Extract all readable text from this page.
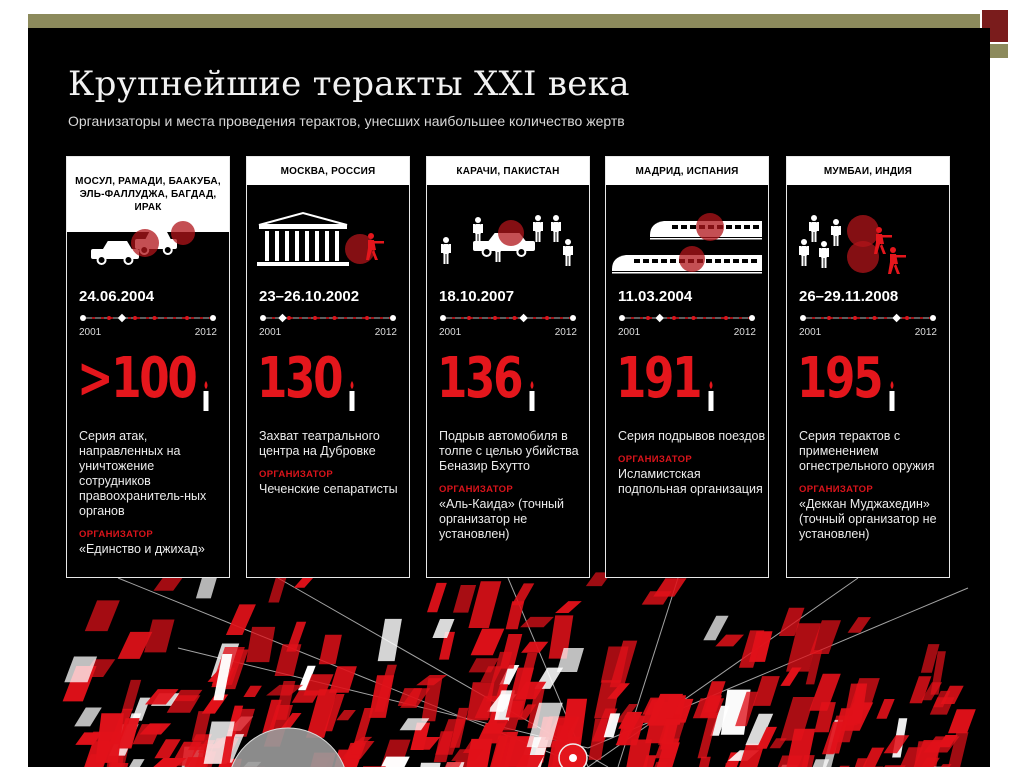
Крупнейшие теракты XXI века
Организаторы и места проведения терактов, унесших наибольшее количество жертв
МОСУЛ, РАМАДИ, БААКУБА, ЭЛЬ-ФАЛЛУДЖА, БАГДАД, ИРАК
24.06.2004
2001	2012
>100
Серия атак, направленных на уничтожение сотрудников правоохранитель-ных органов
ОРГАНИЗАТОР
«Единство и джихад»
МОСКВА, РОССИЯ
23–26.10.2002
2001	2012
130
Захват театрального центра на Дубровке
ОРГАНИЗАТОР
Чеченские сепаратисты
КАРАЧИ, ПАКИСТАН
18.10.2007
2001	2012
136
Подрыв автомобиля в толпе с целью убийства Беназир Бхутто
ОРГАНИЗАТОР
«Аль-Каида» (точный организатор не установлен)
МАДРИД, ИСПАНИЯ
11.03.2004
2001	2012
191
Серия подрывов поездов
ОРГАНИЗАТОР
Исламистская подпольная организация
МУМБАИ, ИНДИЯ
26–29.11.2008
2001	2012
195
Серия терактов с применением огнестрельного оружия
ОРГАНИЗАТОР
«Деккан Муджахедин» (точный организатор не установлен)
